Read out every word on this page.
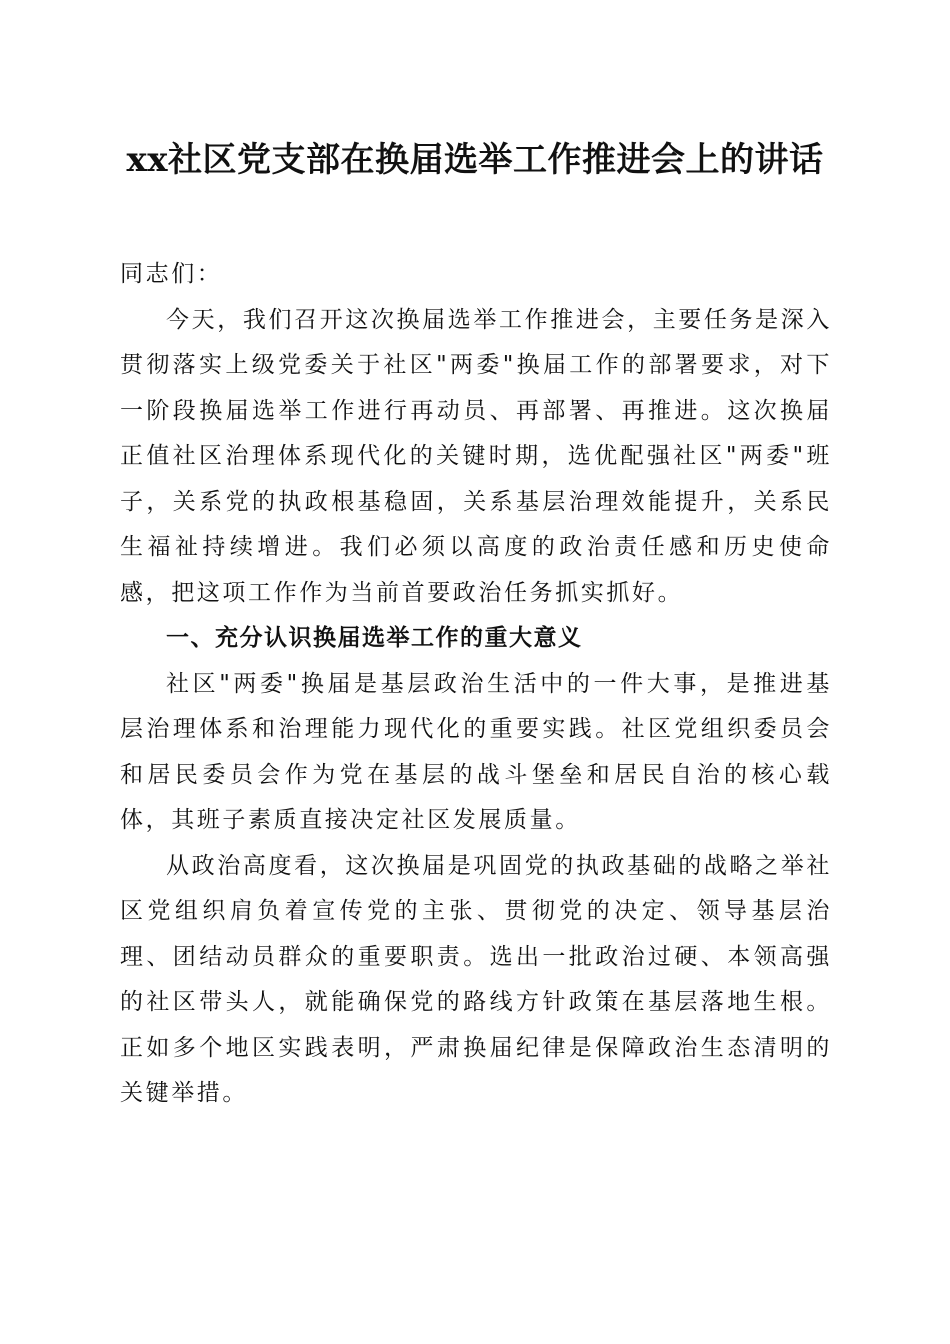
xx社区党支部在换届选举工作推进会上的讲话

同志们：

今天，我们召开这次换届选举工作推进会，主要任务是深入贯彻落实上级党委关于社区"两委"换届工作的部署要求，对下一阶段换届选举工作进行再动员、再部署、再推进。这次换届正值社区治理体系现代化的关键时期，选优配强社区"两委"班子，关系党的执政根基稳固，关系基层治理效能提升，关系民生福祉持续增进。我们必须以高度的政治责任感和历史使命感，把这项工作作为当前首要政治任务抓实抓好。

一、充分认识换届选举工作的重大意义

社区"两委"换届是基层政治生活中的一件大事，是推进基层治理体系和治理能力现代化的重要实践。社区党组织委员会和居民委员会作为党在基层的战斗堡垒和居民自治的核心载体，其班子素质直接决定社区发展质量。

从政治高度看，这次换届是巩固党的执政基础的战略之举社区党组织肩负着宣传党的主张、贯彻党的决定、领导基层治理、团结动员群众的重要职责。选出一批政治过硬、本领高强的社区带头人，就能确保党的路线方针政策在基层落地生根。正如多个地区实践表明，严肃换届纪律是保障政治生态清明的关键举措。
